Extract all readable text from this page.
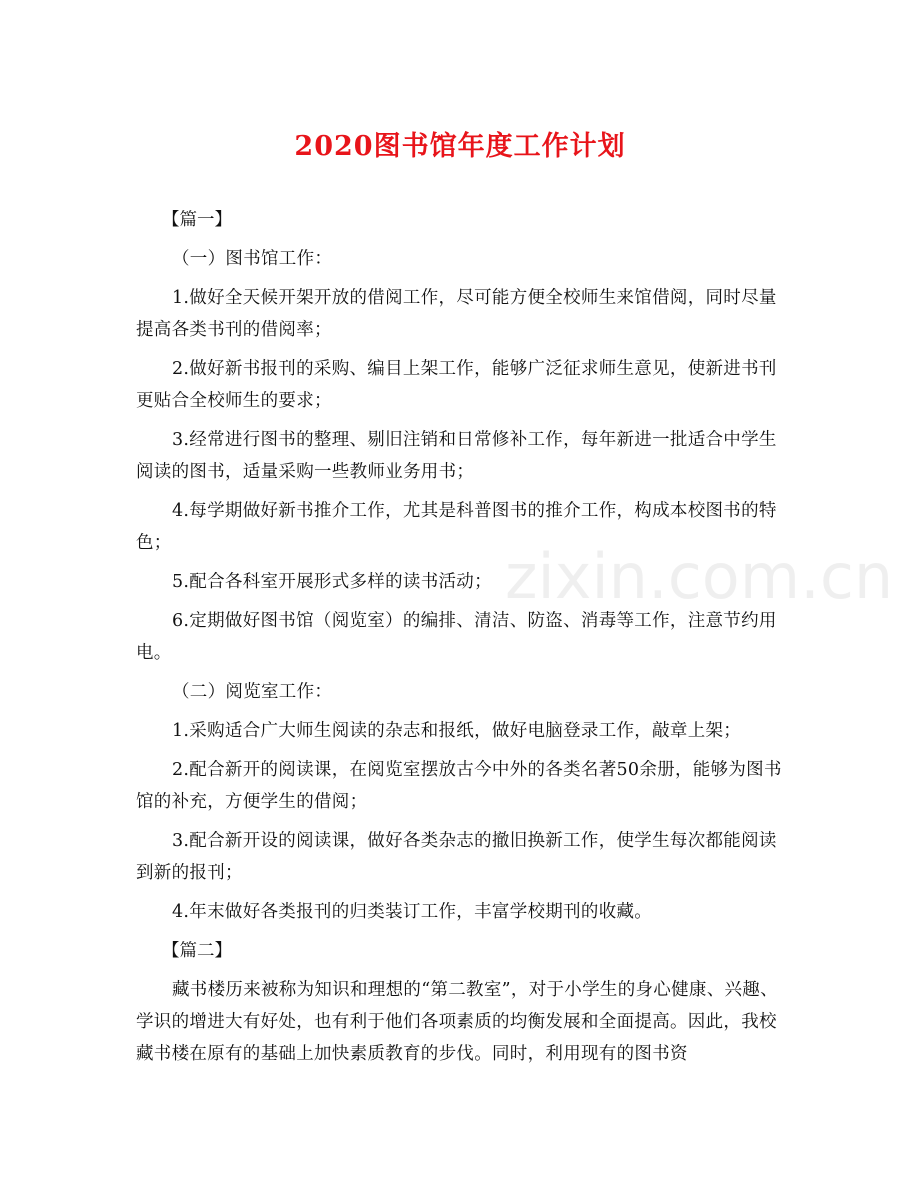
2020图书馆年度工作计划
zixin.com.cn

【篇一】

（一）图书馆工作：

1.做好全天候开架开放的借阅工作，尽可能方便全校师生来馆借阅，同时尽量提高各类书刊的借阅率；

2.做好新书报刊的采购、编目上架工作，能够广泛征求师生意见，使新进书刊更贴合全校师生的要求；

3.经常进行图书的整理、剔旧注销和日常修补工作，每年新进一批适合中学生阅读的图书，适量采购一些教师业务用书；

4.每学期做好新书推介工作，尤其是科普图书的推介工作，构成本校图书的特色；

5.配合各科室开展形式多样的读书活动；

6.定期做好图书馆（阅览室）的编排、清洁、防盗、消毒等工作，注意节约用电。

（二）阅览室工作：

1.采购适合广大师生阅读的杂志和报纸，做好电脑登录工作，敲章上架；

2.配合新开的阅读课，在阅览室摆放古今中外的各类名著50余册，能够为图书馆的补充，方便学生的借阅；

3.配合新开设的阅读课，做好各类杂志的撤旧换新工作，使学生每次都能阅读到新的报刊；

4.年末做好各类报刊的归类装订工作，丰富学校期刊的收藏。

【篇二】

藏书楼历来被称为知识和理想的“第二教室”，对于小学生的身心健康、兴趣、学识的增进大有好处，也有利于他们各项素质的均衡发展和全面提高。因此，我校藏书楼在原有的基础上加快素质教育的步伐。同时，利用现有的图书资
